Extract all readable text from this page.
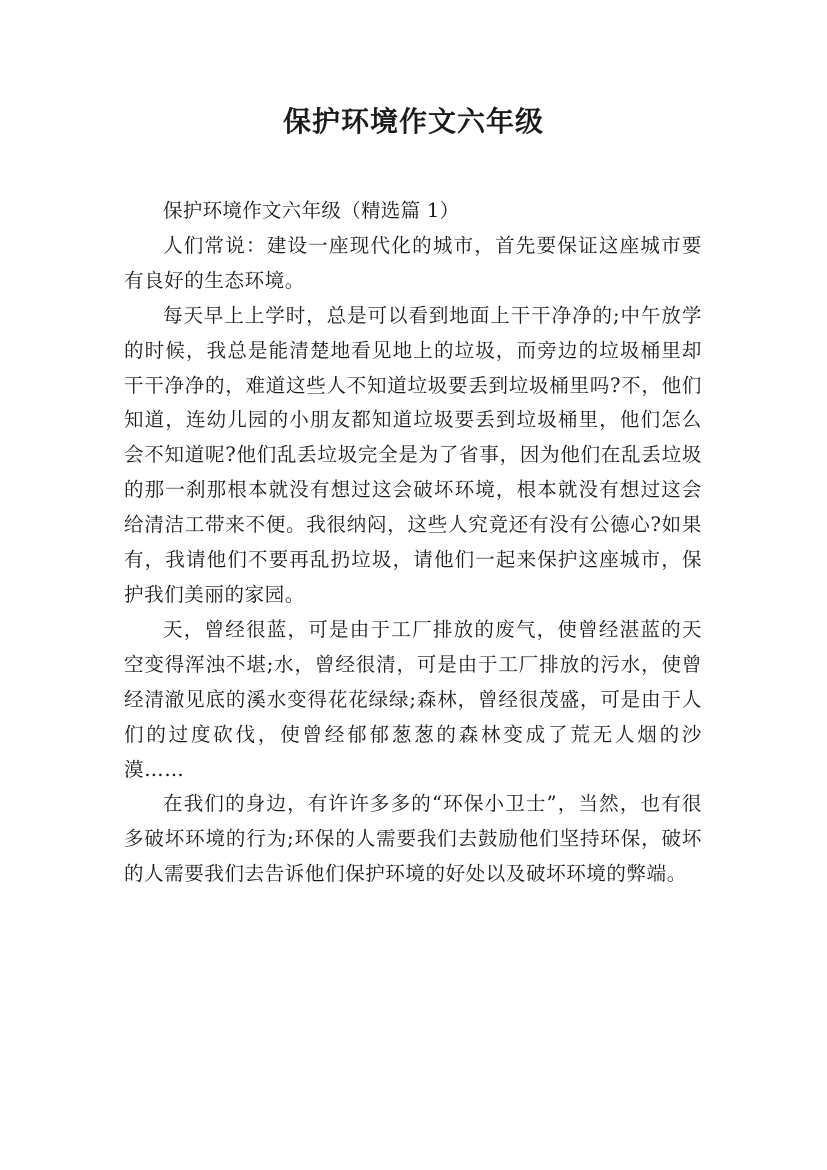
保护环境作文六年级

保护环境作文六年级（精选篇 1）

人们常说：建设一座现代化的城市，首先要保证这座城市要有良好的生态环境。

每天早上上学时，总是可以看到地面上干干净净的;中午放学的时候，我总是能清楚地看见地上的垃圾，而旁边的垃圾桶里却干干净净的，难道这些人不知道垃圾要丢到垃圾桶里吗?不，他们知道，连幼儿园的小朋友都知道垃圾要丢到垃圾桶里，他们怎么会不知道呢?他们乱丢垃圾完全是为了省事，因为他们在乱丢垃圾的那一刹那根本就没有想过这会破坏环境，根本就没有想过这会给清洁工带来不便。我很纳闷，这些人究竟还有没有公德心?如果有，我请他们不要再乱扔垃圾，请他们一起来保护这座城市，保护我们美丽的家园。

天，曾经很蓝，可是由于工厂排放的废气，使曾经湛蓝的天空变得浑浊不堪;水，曾经很清，可是由于工厂排放的污水，使曾经清澈见底的溪水变得花花绿绿;森林，曾经很茂盛，可是由于人们的过度砍伐，使曾经郁郁葱葱的森林变成了荒无人烟的沙漠……

在我们的身边，有许许多多的“环保小卫士”，当然，也有很多破坏环境的行为;环保的人需要我们去鼓励他们坚持环保，破坏的人需要我们去告诉他们保护环境的好处以及破坏环境的弊端。
